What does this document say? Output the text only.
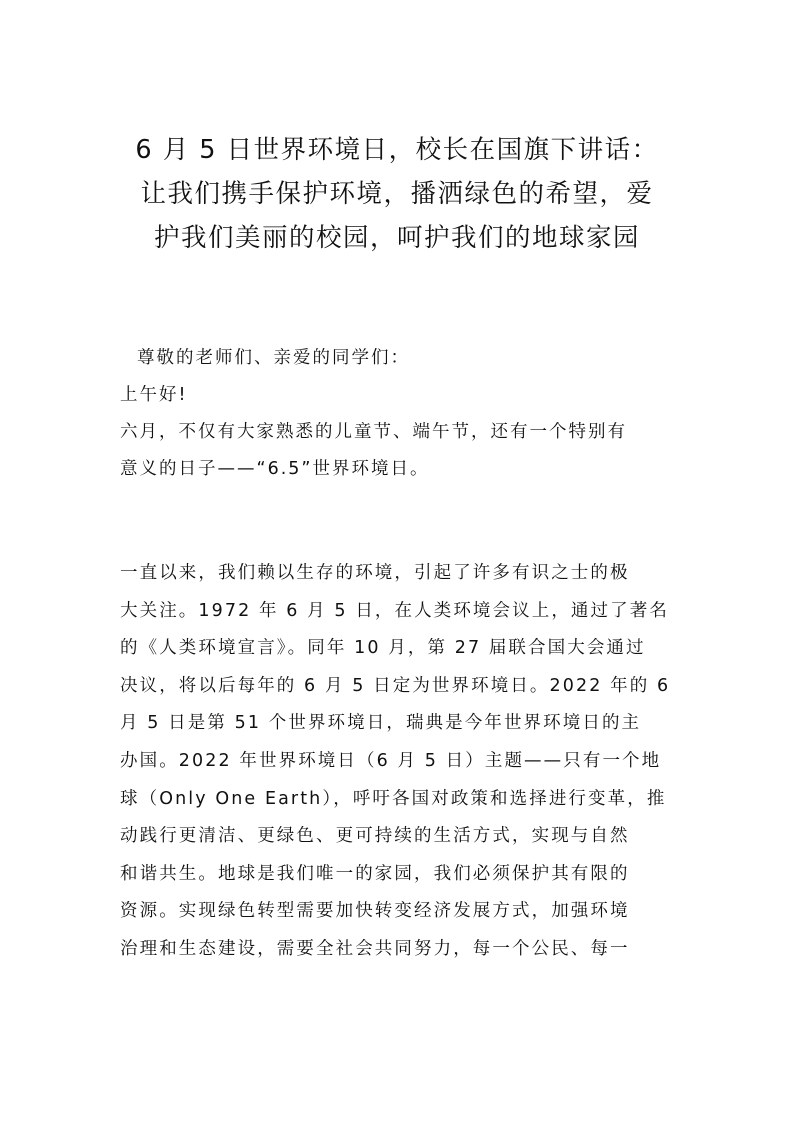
6 月 5 日世界环境日，校长在国旗下讲话：
让我们携手保护环境，播洒绿色的希望，爱
护我们美丽的校园，呵护我们的地球家园
尊敬的老师们、亲爱的同学们：
上午好!
六月，不仅有大家熟悉的儿童节、端午节，还有一个特别有
意义的日子——“6.5”世界环境日。
一直以来，我们赖以生存的环境，引起了许多有识之士的极
大关注。1972 年 6 月 5 日，在人类环境会议上，通过了著名
的《人类环境宣言》。同年 10 月，第 27 届联合国大会通过
决议，将以后每年的 6 月 5 日定为世界环境日。2022 年的 6
月 5 日是第 51 个世界环境日，瑞典是今年世界环境日的主
办国。2022 年世界环境日（6 月 5 日）主题——只有一个地
球（Only One Earth），呼吁各国对政策和选择进行变革，推
动践行更清洁、更绿色、更可持续的生活方式，实现与自然
和谐共生。地球是我们唯一的家园，我们必须保护其有限的
资源。实现绿色转型需要加快转变经济发展方式，加强环境
治理和生态建设，需要全社会共同努力，每一个公民、每一
